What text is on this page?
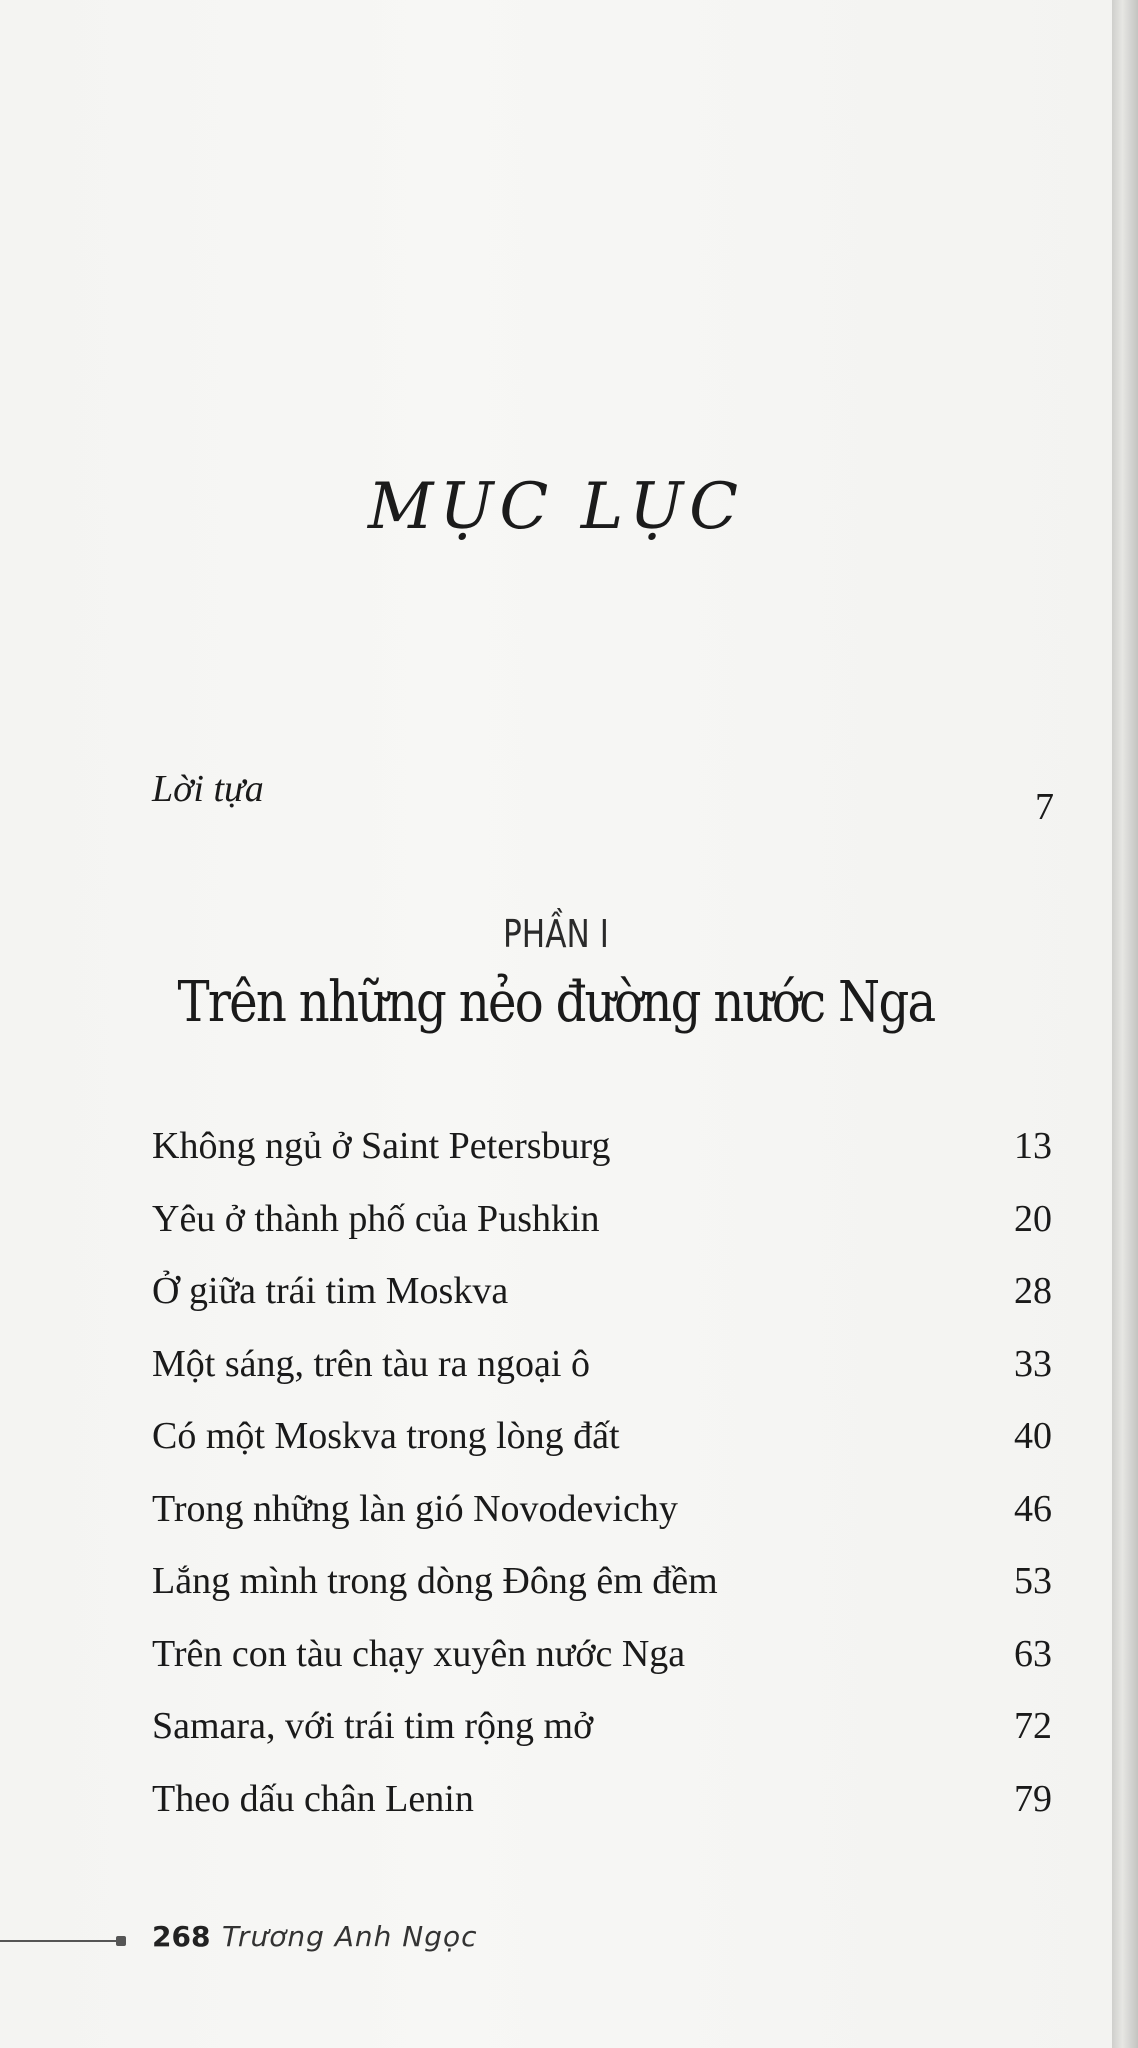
MỤC LỤC
Lời tựa	7
PHẦN I
Trên những nẻo đường nước Nga
Không ngủ ở Saint Petersburg	13
Yêu ở thành phố của Pushkin	20
Ở giữa trái tim Moskva	28
Một sáng, trên tàu ra ngoại ô	33
Có một Moskva trong lòng đất	40
Trong những làn gió Novodevichy	46
Lắng mình trong dòng Đông êm đềm	53
Trên con tàu chạy xuyên nước Nga	63
Samara, với trái tim rộng mở	72
Theo dấu chân Lenin	79
268 Trương Anh Ngọc
